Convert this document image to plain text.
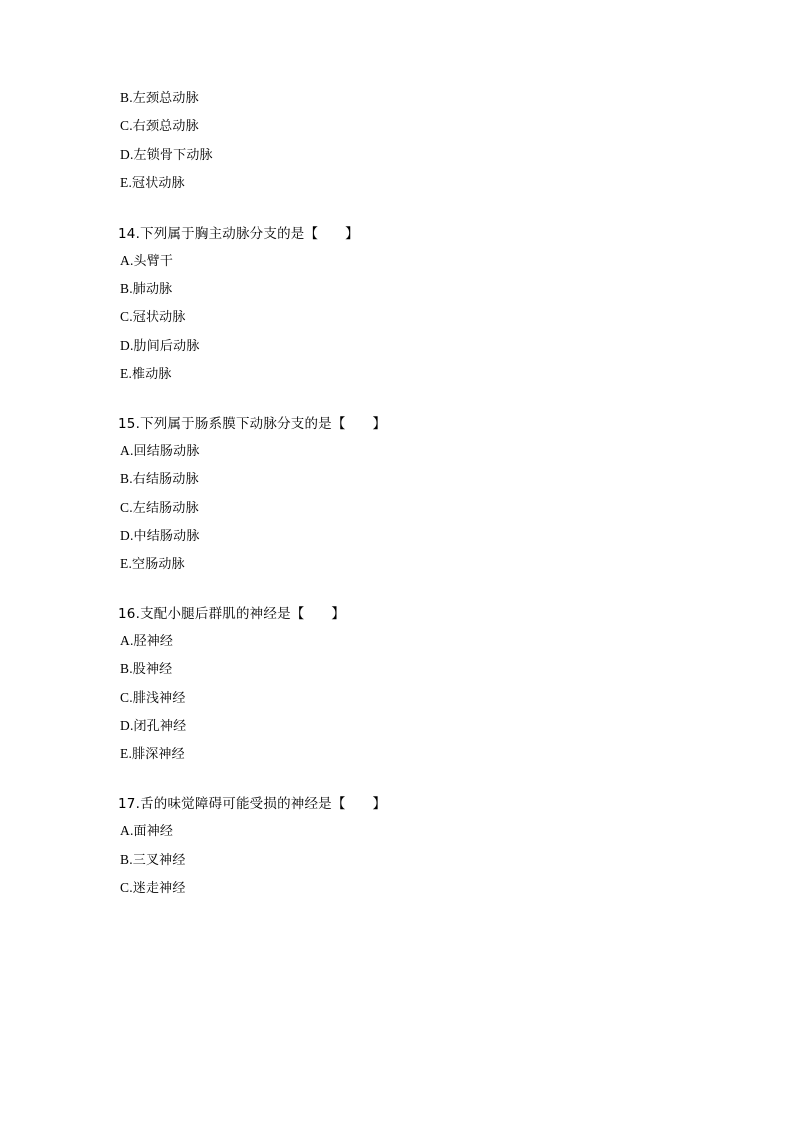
B.左颈总动脉
C.右颈总动脉
D.左锁骨下动脉
E.冠状动脉
14.下列属于胸主动脉分支的是【      】
A.头臂干
B.肺动脉
C.冠状动脉
D.肋间后动脉
E.椎动脉
15.下列属于肠系膜下动脉分支的是【      】
A.回结肠动脉
B.右结肠动脉
C.左结肠动脉
D.中结肠动脉
E.空肠动脉
16.支配小腿后群肌的神经是【      】
A.胫神经
B.股神经
C.腓浅神经
D.闭孔神经
E.腓深神经
17.舌的味觉障碍可能受损的神经是【      】
A.面神经
B.三叉神经
C.迷走神经
